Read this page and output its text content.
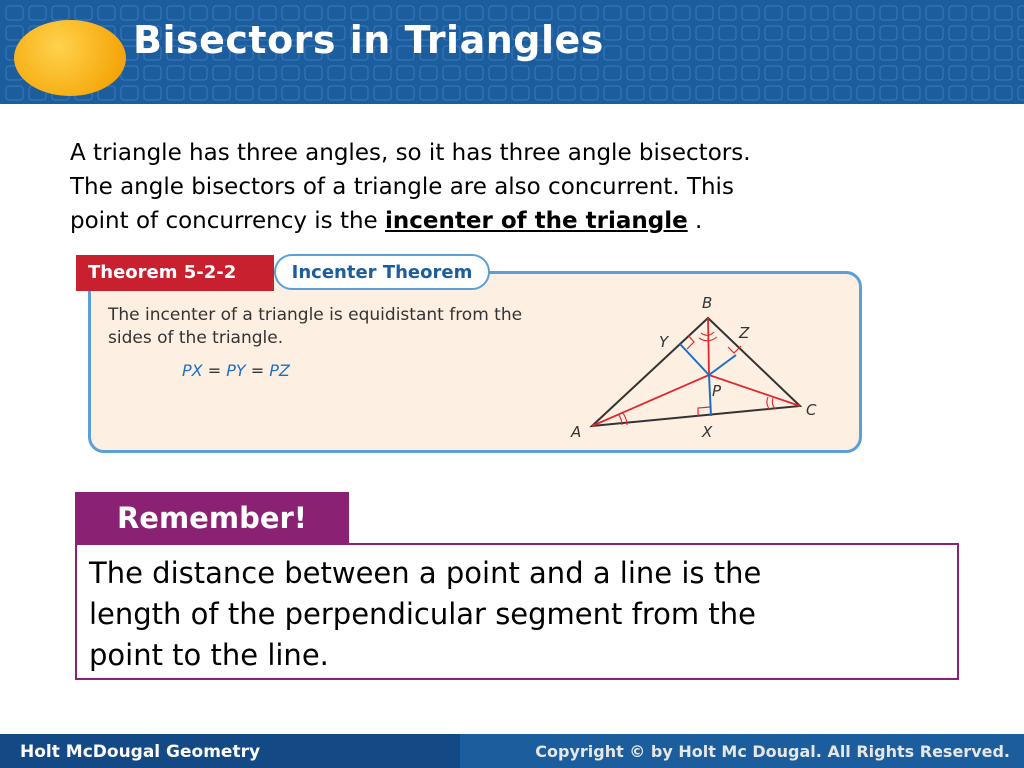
Bisectors in Triangles
A triangle has three angles, so it has three angle bisectors.
The angle bisectors of a triangle are also concurrent. This
point of concurrency is the incenter of the triangle .
Theorem 5-2-2	Incenter Theorem
The incenter of a triangle is equidistant from the
sides of the triangle.
PX = PY = PZ
B
Z
Y
P
C
A	X
Remember!
The distance between a point and a line is the
length of the perpendicular segment from the
point to the line.
Holt McDougal Geometry	Copyright © by Holt Mc Dougal. All Rights Reserved.
